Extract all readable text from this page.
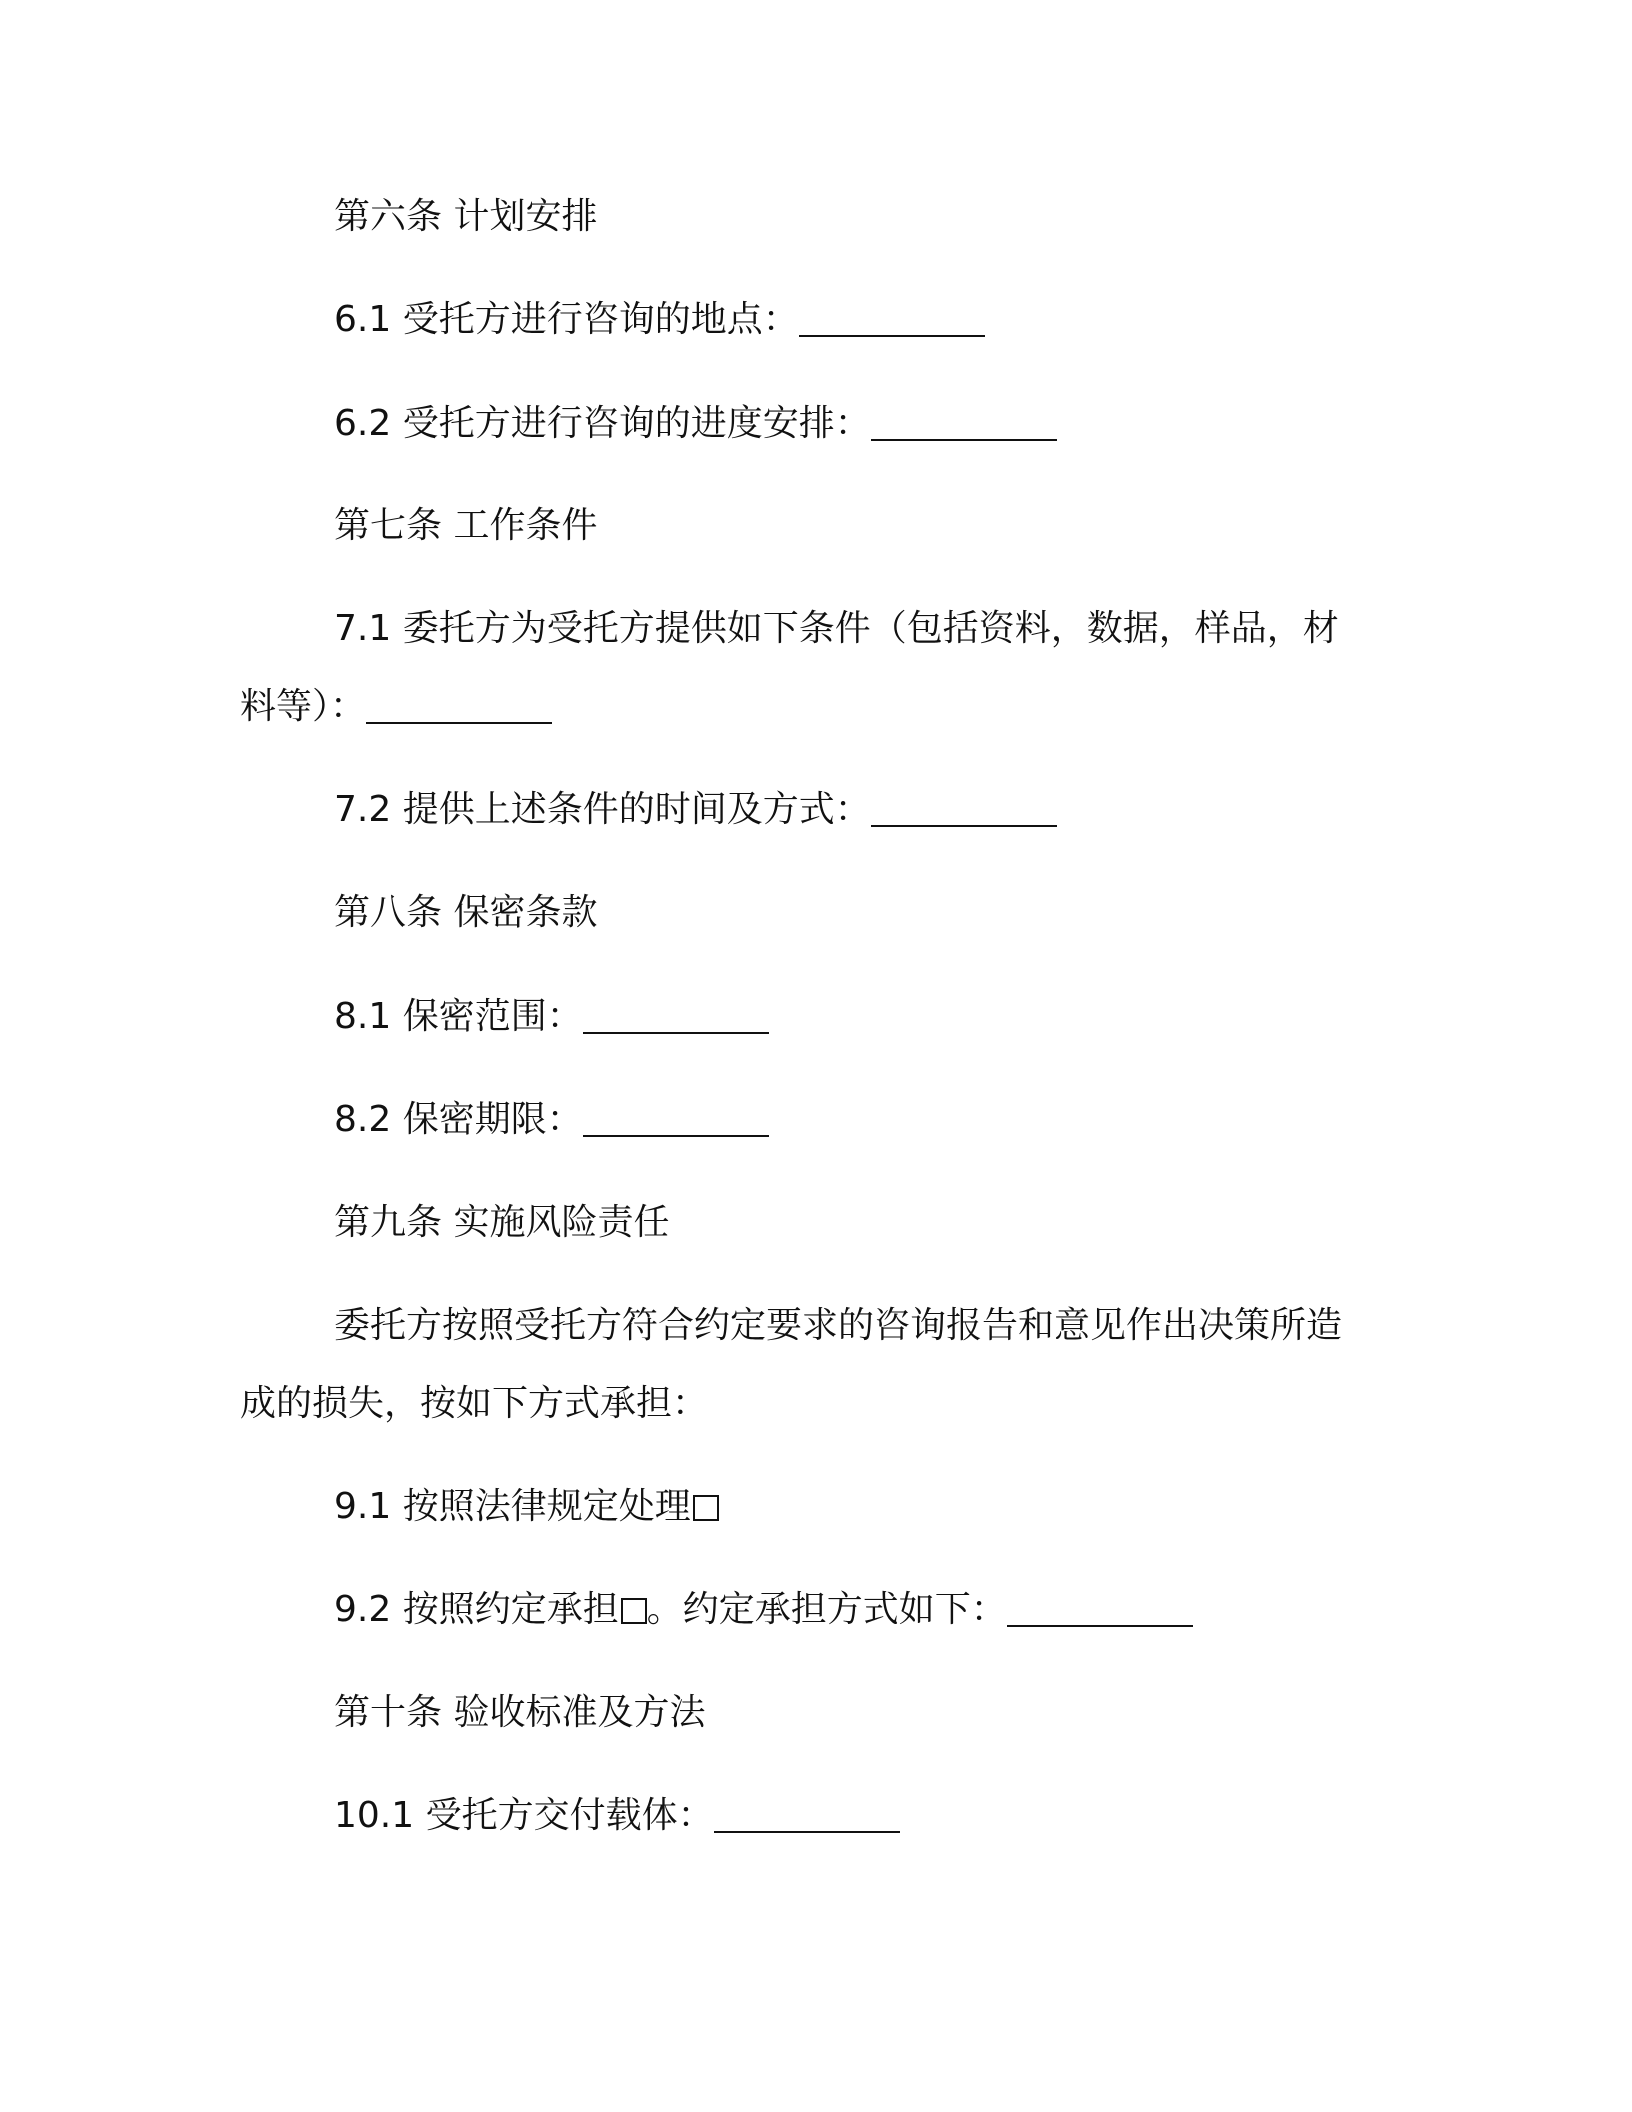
第六条 计划安排
6.1 受托方进行咨询的地点：
6.2 受托方进行咨询的进度安排：
第七条 工作条件
7.1 委托方为受托方提供如下条件（包括资料，数据，样品，材
料等）：
7.2 提供上述条件的时间及方式：
第八条 保密条款
8.1 保密范围：
8.2 保密期限：
第九条 实施风险责任
委托方按照受托方符合约定要求的咨询报告和意见作出决策所造
成的损失，按如下方式承担：
9.1 按照法律规定处理
9.2 按照约定承担 。约定承担方式如下：
第十条 验收标准及方法
10.1 受托方交付载体：
